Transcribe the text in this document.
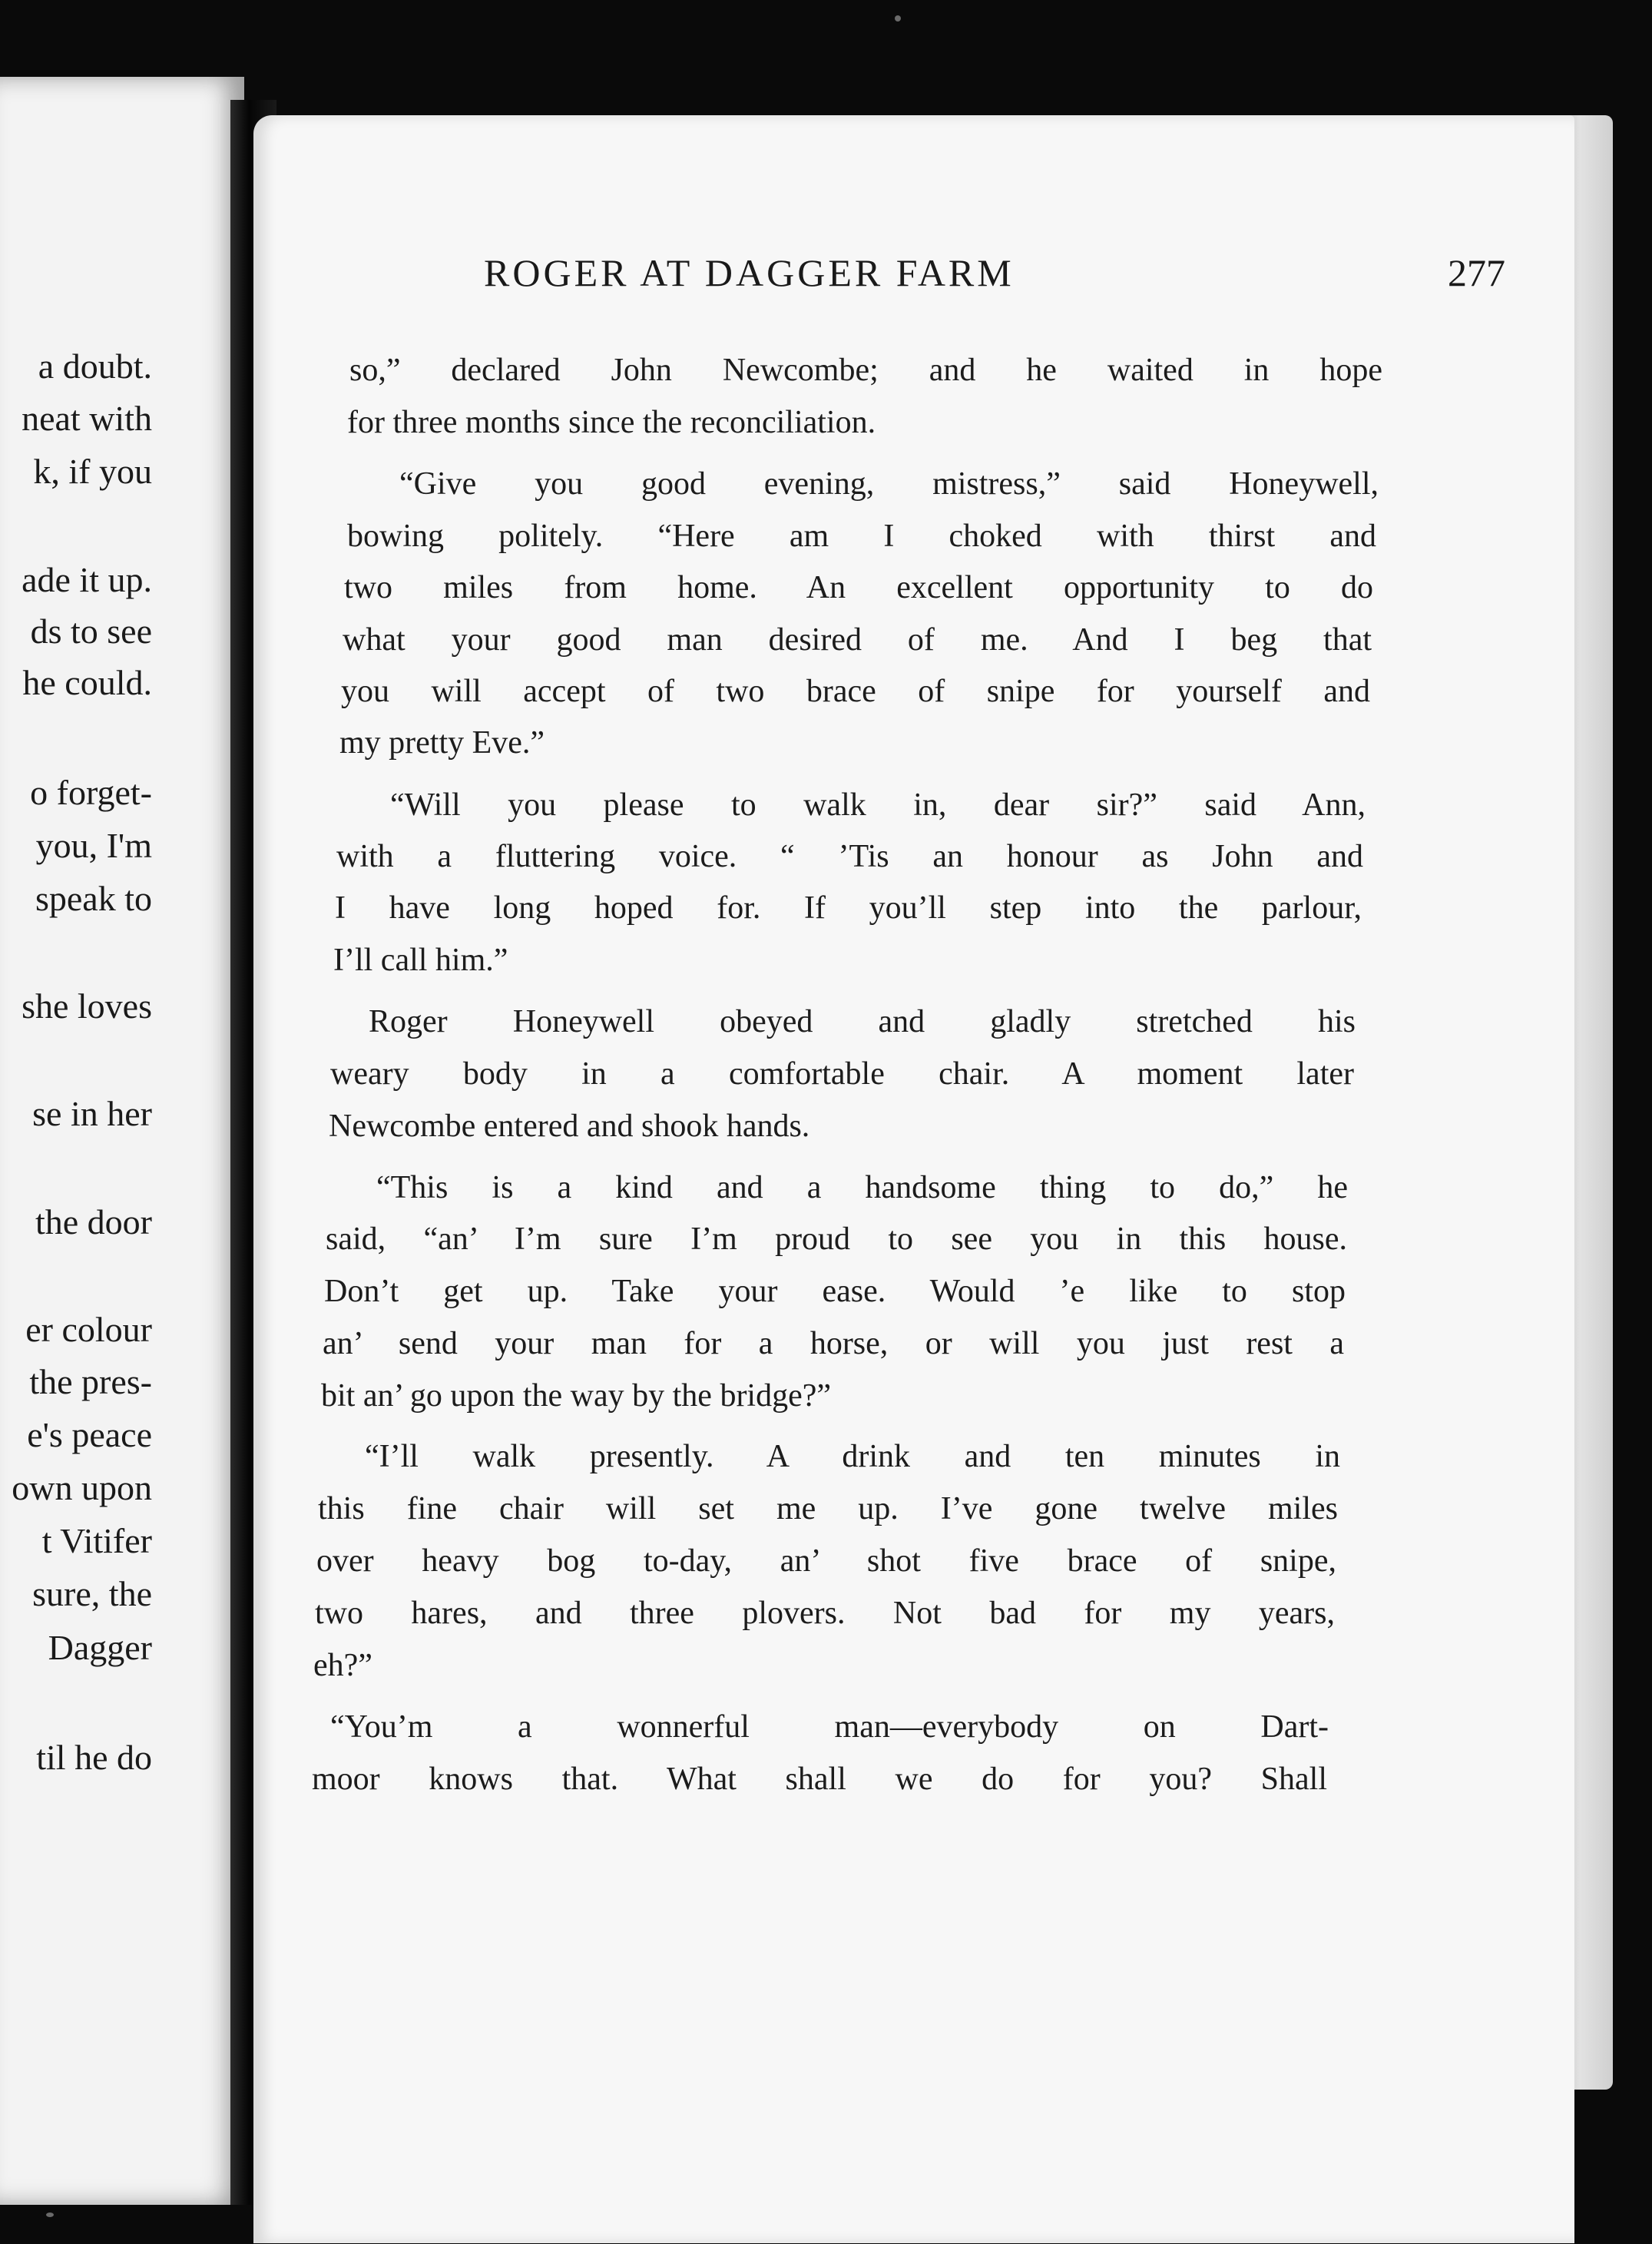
a doubt.
neat with
k, if you
ade it up.
ds to see
he could.
o forget-
you, I'm
speak to
she loves
se in her
the door
er colour
the pres-
e's peace
own upon
t Vitifer
sure, the
Dagger
til he do
ROGER AT DAGGER FARM	277
so,” declared John Newcombe; and he waited in hope
for three months since the reconciliation.
“Give you good evening, mistress,” said Honeywell,
bowing politely. “Here am I choked with thirst and
two miles from home. An excellent opportunity to do
what your good man desired of me. And I beg that
you will accept of two brace of snipe for yourself and
my pretty Eve.”
“Will you please to walk in, dear sir?” said Ann,
with a fluttering voice. “ ’Tis an honour as John and
I have long hoped for. If you’ll step into the parlour,
I’ll call him.”
Roger Honeywell obeyed and gladly stretched his
weary body in a comfortable chair. A moment later
Newcombe entered and shook hands.
“This is a kind and a handsome thing to do,” he
said, “an’ I’m sure I’m proud to see you in this house.
Don’t get up. Take your ease. Would ’e like to stop
an’ send your man for a horse, or will you just rest a
bit an’ go upon the way by the bridge?”
“I’ll walk presently. A drink and ten minutes in
this fine chair will set me up. I’ve gone twelve miles
over heavy bog to-day, an’ shot five brace of snipe,
two hares, and three plovers. Not bad for my years,
eh?”
“You’m a wonnerful man—everybody on Dart-
moor knows that. What shall we do for you? Shall
